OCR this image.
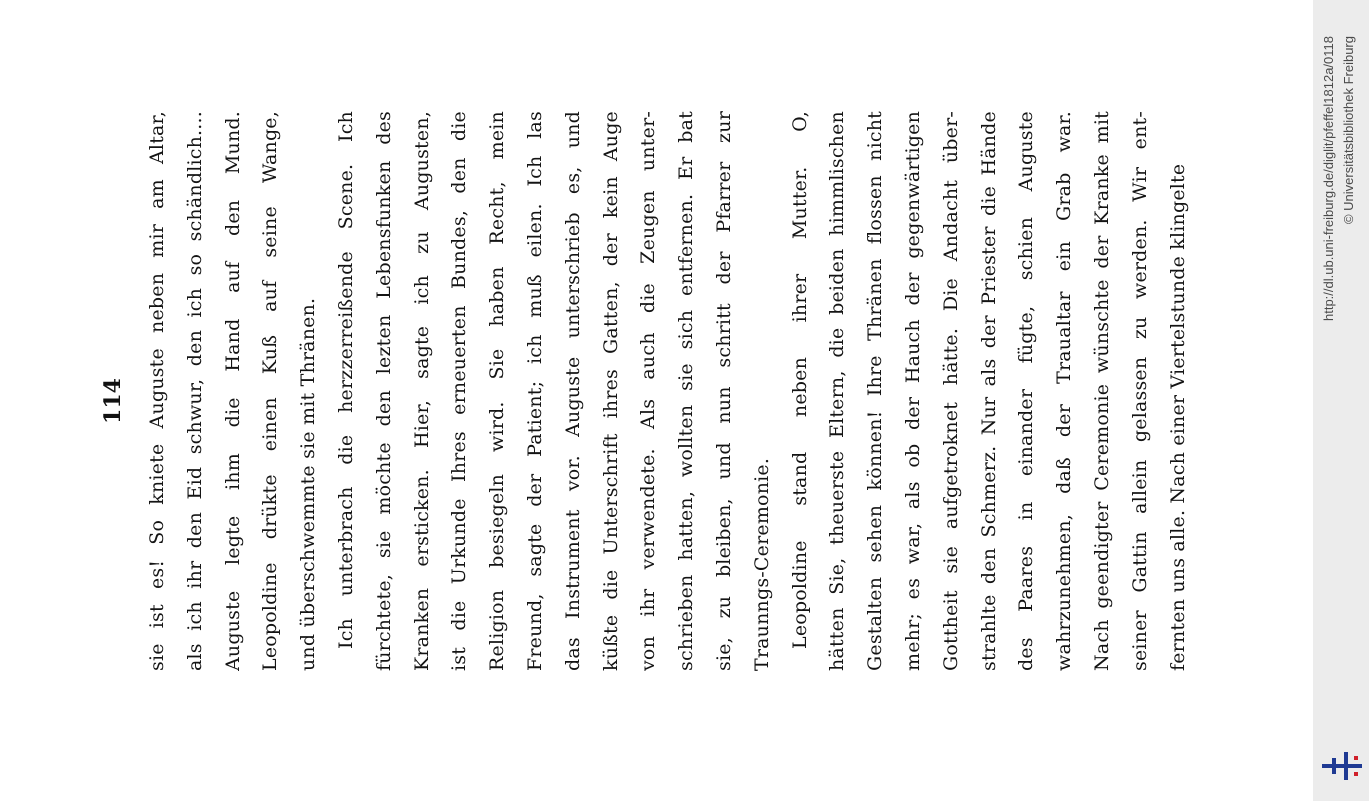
114 sie ist es! So kniete Auguste neben mir am Altar, als ich ihr den Eid schwur, den ich so schändlich.... Auguste legte ihm die Hand auf den Mund. Leopoldine drükte einen Kuß auf seine Wange, und überschwemmte sie mit Thränen. Ich unterbrach die herzzerreißende Scene. Ich fürchtete, sie möchte den lezten Lebensfunken des Kranken ersticken. Hier, sagte ich zu Augusten, ist die Urkunde Ihres erneuerten Bundes, den die Religion besiegeln wird. Sie haben Recht, mein Freund, sagte der Patient; ich muß eilen. Ich las das Instrument vor. Auguste unterschrieb es, und küßte die Unterschrift ihres Gatten, der kein Auge von ihr verwendete. Als auch die Zeugen unter- schrieben hatten, wollten sie sich entfernen. Er bat sie, zu bleiben, und nun schritt der Pfarrer zur Traunngs-Ceremonie. Leopoldine stand neben ihrer Mutter. O, hätten Sie, theuerste Eltern, die beiden himmlischen Gestalten sehen können! Ihre Thränen flossen nicht mehr; es war, als ob der Hauch der gegenwärtigen Gottheit sie aufgetroknet hätte. Die Andacht über- strahlte den Schmerz. Nur als der Priester die Hände des Paares in einander fügte, schien Auguste wahrzunehmen, daß der Traualtar ein Grab war. Nach geendigter Ceremonie wünschte der Kranke mit seiner Gattin allein gelassen zu werden. Wir ent- fernten uns alle. Nach einer Viertelstunde klingelte	http://dl.ub.uni-freiburg.de/diglit/pfeffel1812a/0118 © Universitätsbibliothek Freiburg
